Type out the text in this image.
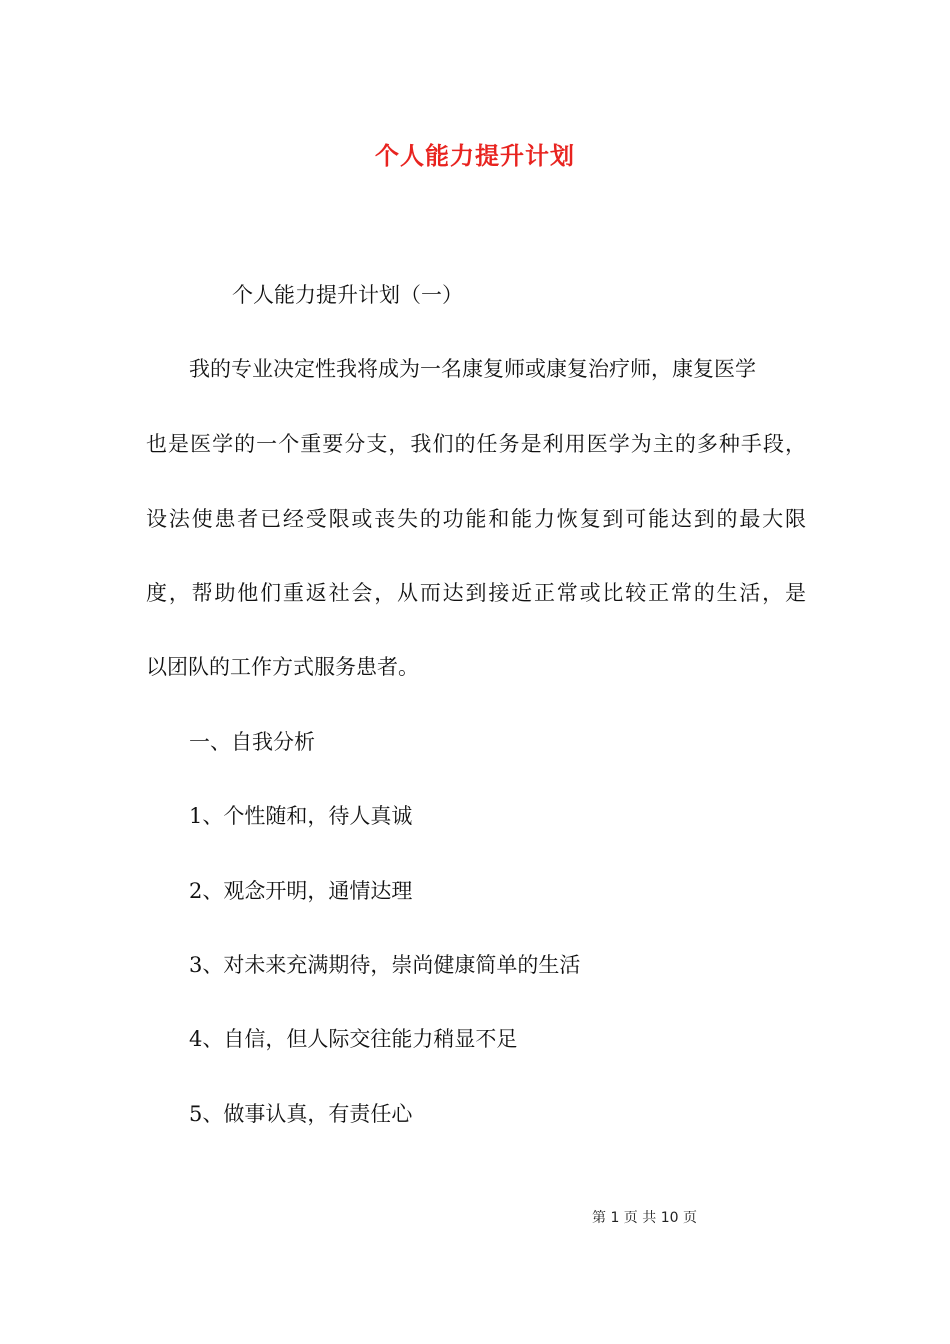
个人能力提升计划
个人能力提升计划（一）
我的专业决定性我将成为一名康复师或康复治疗师，康复医学
也是医学的一个重要分支，我们的任务是利用医学为主的多种手段，
设法使患者已经受限或丧失的功能和能力恢复到可能达到的最大限
度，帮助他们重返社会，从而达到接近正常或比较正常的生活，是
以团队的工作方式服务患者。
一、自我分析
1、个性随和，待人真诚
2、观念开明，通情达理
3、对未来充满期待，崇尚健康简单的生活
4、自信，但人际交往能力稍显不足
5、做事认真，有责任心
第 1 页 共 10 页
